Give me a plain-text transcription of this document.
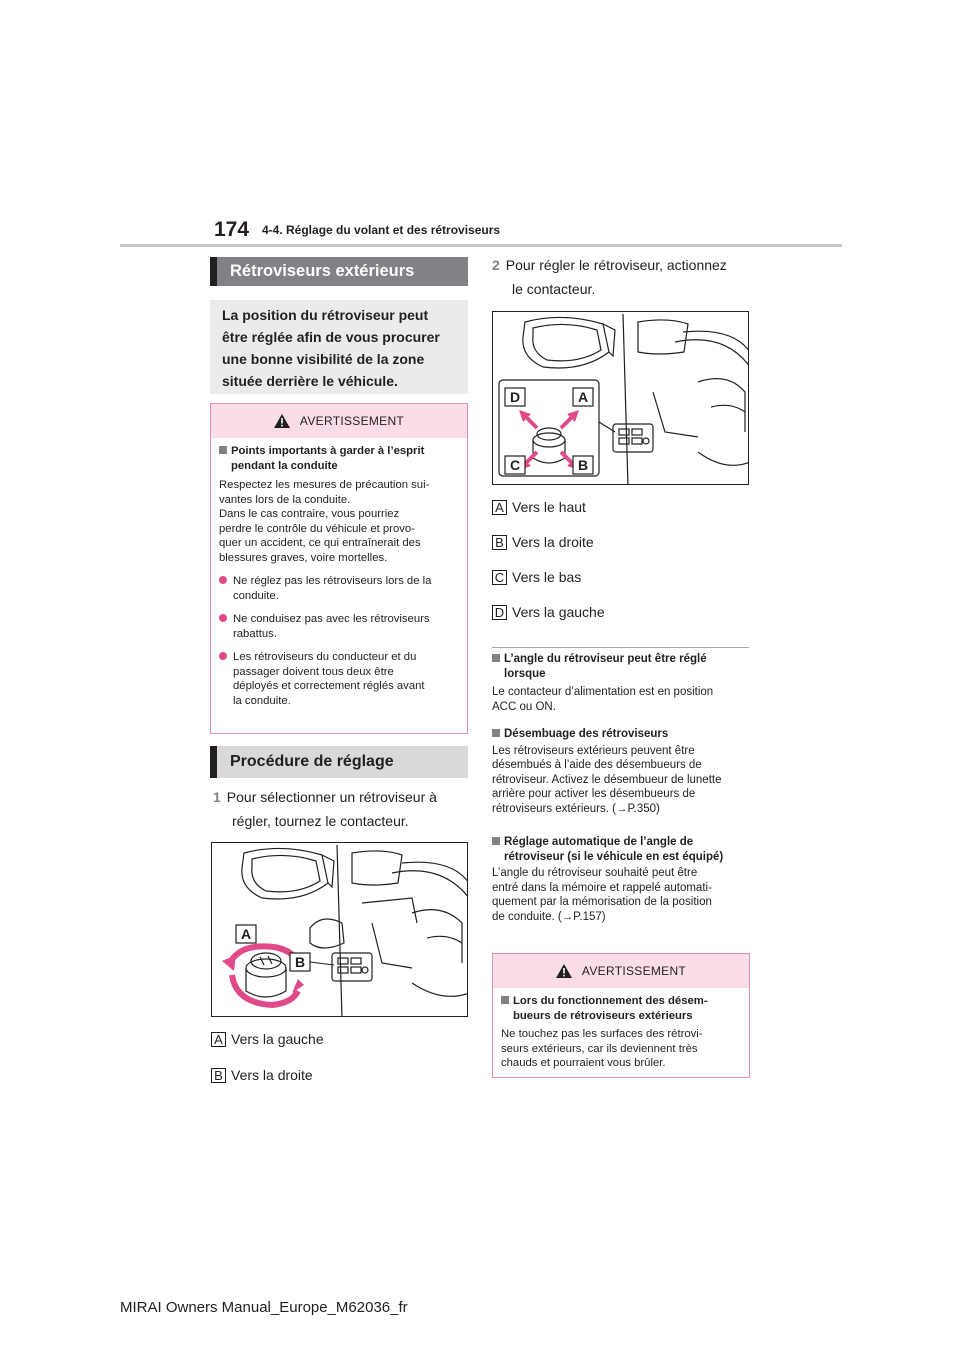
174 4-4. Réglage du volant et des rétroviseurs
Rétroviseurs extérieurs
La position du rétroviseur peut
être réglée afin de vous procurer
une bonne visibilité de la zone
située derrière le véhicule.
AVERTISSEMENT
Points importants à garder à l’esprit
pendant la conduite
Respectez les mesures de précaution sui-
vantes lors de la conduite.
Dans le cas contraire, vous pourriez
perdre le contrôle du véhicule et provo-
quer un accident, ce qui entraînerait des
blessures graves, voire mortelles.
Ne réglez pas les rétroviseurs lors de la
conduite.
Ne conduisez pas avec les rétroviseurs
rabattus.
Les rétroviseurs du conducteur et du
passager doivent tous deux être
déployés et correctement réglés avant
la conduite.
Procédure de réglage
1 Pour sélectionner un rétroviseur à
régler, tournez le contacteur.
A
B
A Vers la gauche
B Vers la droite
2 Pour régler le rétroviseur, actionnez
le contacteur.
D	A
C	B
A Vers le haut
B Vers la droite
C Vers le bas
D Vers la gauche
L’angle du rétroviseur peut être réglé
lorsque
Le contacteur d’alimentation est en position
ACC ou ON.
Désembuage des rétroviseurs
Les rétroviseurs extérieurs peuvent être
désembués à l’aide des désembueurs de
rétroviseur. Activez le désembueur de lunette
arrière pour activer les désembueurs de
rétroviseurs extérieurs. (→P.350)
Réglage automatique de l’angle de
rétroviseur (si le véhicule en est équipé)
L’angle du rétroviseur souhaité peut être
entré dans la mémoire et rappelé automati-
quement par la mémorisation de la position
de conduite. (→P.157)
AVERTISSEMENT
Lors du fonctionnement des désem-
bueurs de rétroviseurs extérieurs
Ne touchez pas les surfaces des rétrovi-
seurs extérieurs, car ils deviennent très
chauds et pourraient vous brûler.
MIRAI Owners Manual_Europe_M62036_fr
